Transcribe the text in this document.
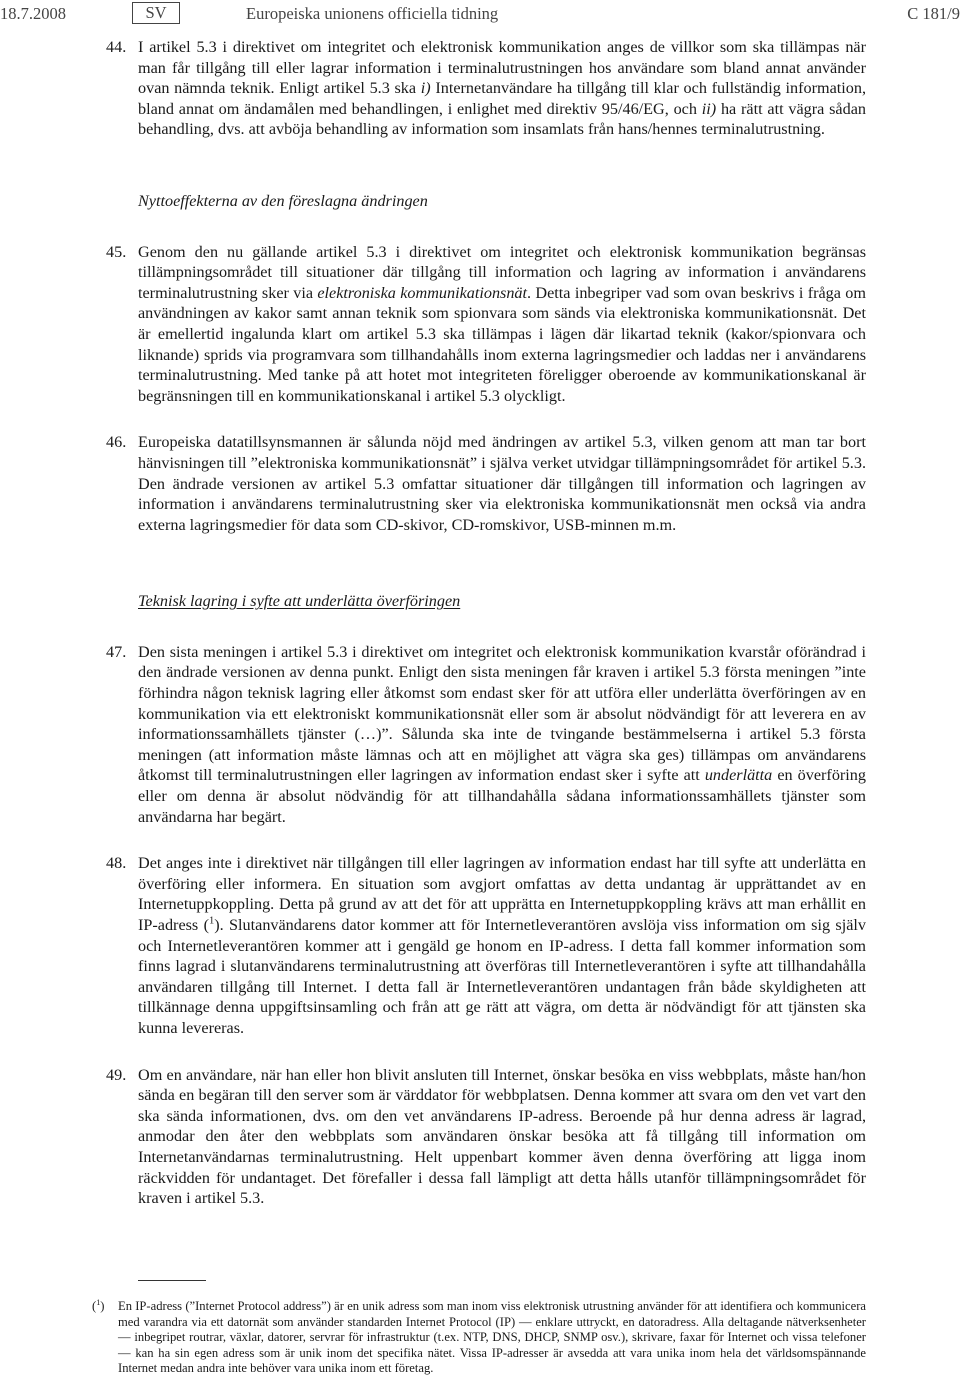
18.7.2008	SV	Europeiska unionens officiella tidning	C 181/9
44. I artikel 5.3 i direktivet om integritet och elektronisk kommunikation anges de villkor som ska tillämpas när man får tillgång till eller lagrar information i terminalutrustningen hos användare som bland annat använder ovan nämnda teknik. Enligt artikel 5.3 ska i) Internetanvändare ha tillgång till klar och fullständig information, bland annat om ändamålen med behandlingen, i enlighet med direktiv 95/46/EG, och ii) ha rätt att vägra sådan behandling, dvs. att avböja behandling av information som insamlats från hans/hennes terminalutrustning.
Nyttoeffekterna av den föreslagna ändringen
45. Genom den nu gällande artikel 5.3 i direktivet om integritet och elektronisk kommunikation begränsas tillämpningsområdet till situationer där tillgång till information och lagring av information i användarens terminalutrustning sker via elektroniska kommunikationsnät. Detta inbegriper vad som ovan beskrivs i fråga om användningen av kakor samt annan teknik som spionvara som sänds via elektroniska kommunikationsnät. Det är emellertid ingalunda klart om artikel 5.3 ska tillämpas i lägen där likartad teknik (kakor/spionvara och liknande) sprids via programvara som tillhandahålls inom externa lagringsmedier och laddas ner i användarens terminalutrustning. Med tanke på att hotet mot integriteten föreligger oberoende av kommunikationskanal är begränsningen till en kommunikationskanal i artikel 5.3 olyckligt.
46. Europeiska datatillsynsmannen är sålunda nöjd med ändringen av artikel 5.3, vilken genom att man tar bort hänvisningen till ”elektroniska kommunikationsnät” i själva verket utvidgar tillämpningsområdet för artikel 5.3. Den ändrade versionen av artikel 5.3 omfattar situationer där tillgången till information och lagringen av information i användarens terminalutrustning sker via elektroniska kommunikationsnät men också via andra externa lagringsmedier för data som CD-skivor, CD-romskivor, USB-minnen m.m.
Teknisk lagring i syfte att underlätta överföringen
47. Den sista meningen i artikel 5.3 i direktivet om integritet och elektronisk kommunikation kvarstår oförändrad i den ändrade versionen av denna punkt. Enligt den sista meningen får kraven i artikel 5.3 första meningen ”inte förhindra någon teknisk lagring eller åtkomst som endast sker för att utföra eller underlätta överföringen av en kommunikation via ett elektroniskt kommunikationsnät eller som är absolut nödvändigt för att leverera en av informationssamhällets tjänster (…)”. Sålunda ska inte de tvingande bestämmelserna i artikel 5.3 första meningen (att information måste lämnas och att en möjlighet att vägra ska ges) tillämpas om användarens åtkomst till terminalutrustningen eller lagringen av information endast sker i syfte att underlätta en överföring eller om denna är absolut nödvändig för att tillhandahålla sådana informationssamhällets tjänster som användarna har begärt.
48. Det anges inte i direktivet när tillgången till eller lagringen av information endast har till syfte att underlätta en överföring eller informera. En situation som avgjort omfattas av detta undantag är upprättandet av en Internetuppkoppling. Detta på grund av att det för att upprätta en Internetuppkoppling krävs att man erhållit en IP-adress ($^1$). Slutanvändarens dator kommer att för Internetleverantören avslöja viss information om sig själv och Internetleverantören kommer att i gengäld ge honom en IP-adress. I detta fall kommer information som finns lagrad i slutanvändarens terminalutrustning att överföras till Internetleverantören i syfte att tillhandahålla användaren tillgång till Internet. I detta fall är Internetleverantören undantagen från både skyldigheten att tillkännage denna uppgiftsinsamling och från att ge rätt att vägra, om detta är nödvändigt för att tjänsten ska kunna levereras.
49. Om en användare, när han eller hon blivit ansluten till Internet, önskar besöka en viss webbplats, måste han/hon sända en begäran till den server som är värddator för webbplatsen. Denna kommer att svara om den vet vart den ska sända informationen, dvs. om den vet användarens IP-adress. Beroende på hur denna adress är lagrad, anmodar den åter den webbplats som användaren önskar besöka att få tillgång till information om Internetanvändarnas terminalutrustning. Helt uppenbart kommer även denna överföring att ligga inom räckvidden för undantaget. Det förefaller i dessa fall lämpligt att detta hålls utanför tillämpningsområdet för kraven i artikel 5.3.
($^1$)	En IP-adress (”Internet Protocol address”) är en unik adress som man inom viss elektronisk utrustning använder för att identifiera och kommunicera med varandra via ett datornät som använder standarden Internet Protocol (IP) — enklare uttryckt, en datoradress. Alla deltagande nätverksenheter — inbegripet routrar, växlar, datorer, servrar för infrastruktur (t.ex. NTP, DNS, DHCP, SNMP osv.), skrivare, faxar för Internet och vissa telefoner — kan ha sin egen adress som är unik inom det specifika nätet. Vissa IP-adresser är avsedda att vara unika inom hela det världsomspännande Internet medan andra inte behöver vara unika inom ett företag.
